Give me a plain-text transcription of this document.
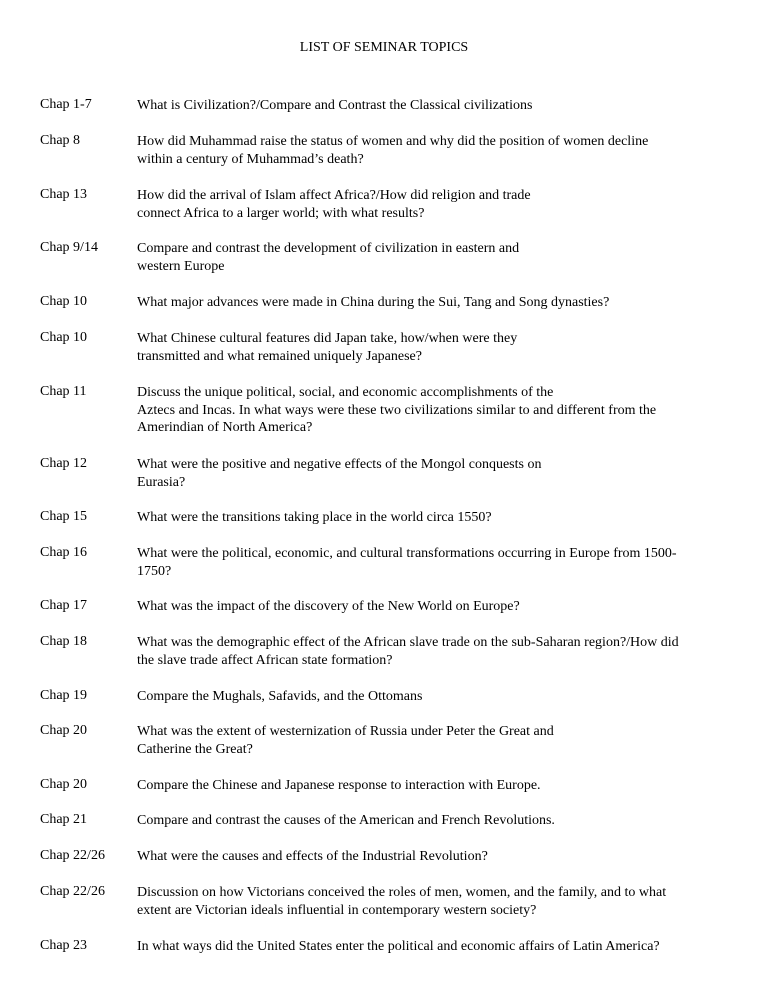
LIST OF SEMINAR TOPICS
Chap 1-7	What is Civilization?/Compare and Contrast the Classical civilizations
Chap 8	How did Muhammad raise the status of women and why did the position of women decline
within a century of Muhammad’s death?
Chap 13	How did the arrival of Islam affect Africa?/How did religion and trade
connect Africa to a larger world; with what results?
Chap 9/14	Compare and contrast the development of civilization in eastern and
western Europe
Chap 10	What major advances were made in China during the Sui, Tang and Song dynasties?
Chap 10	What Chinese cultural features did Japan take, how/when were they
transmitted and what remained uniquely Japanese?
Chap 11	Discuss the unique political, social, and economic accomplishments of the
Aztecs and Incas. In what ways were these two civilizations similar to and different from the
Amerindian of North America?
Chap 12	What were the positive and negative effects of the Mongol conquests on
Eurasia?
Chap 15	What were the transitions taking place in the world circa 1550?
Chap 16	What were the political, economic, and cultural transformations occurring in Europe from 1500-
1750?
Chap 17	What was the impact of the discovery of the New World on Europe?
Chap 18	What was the demographic effect of the African slave trade on the sub-Saharan region?/How did
the slave trade affect African state formation?
Chap 19	Compare the Mughals, Safavids, and the Ottomans
Chap 20	What was the extent of westernization of Russia under Peter the Great and
Catherine the Great?
Chap 20	Compare the Chinese and Japanese response to interaction with Europe.
Chap 21	Compare and contrast the causes of the American and French Revolutions.
Chap 22/26 What were the causes and effects of the Industrial Revolution?
Chap 22/26 Discussion on how Victorians conceived the roles of men, women, and the family, and to what
extent are Victorian ideals influential in contemporary western society?
Chap 23	In what ways did the United States enter the political and economic affairs of Latin America?
